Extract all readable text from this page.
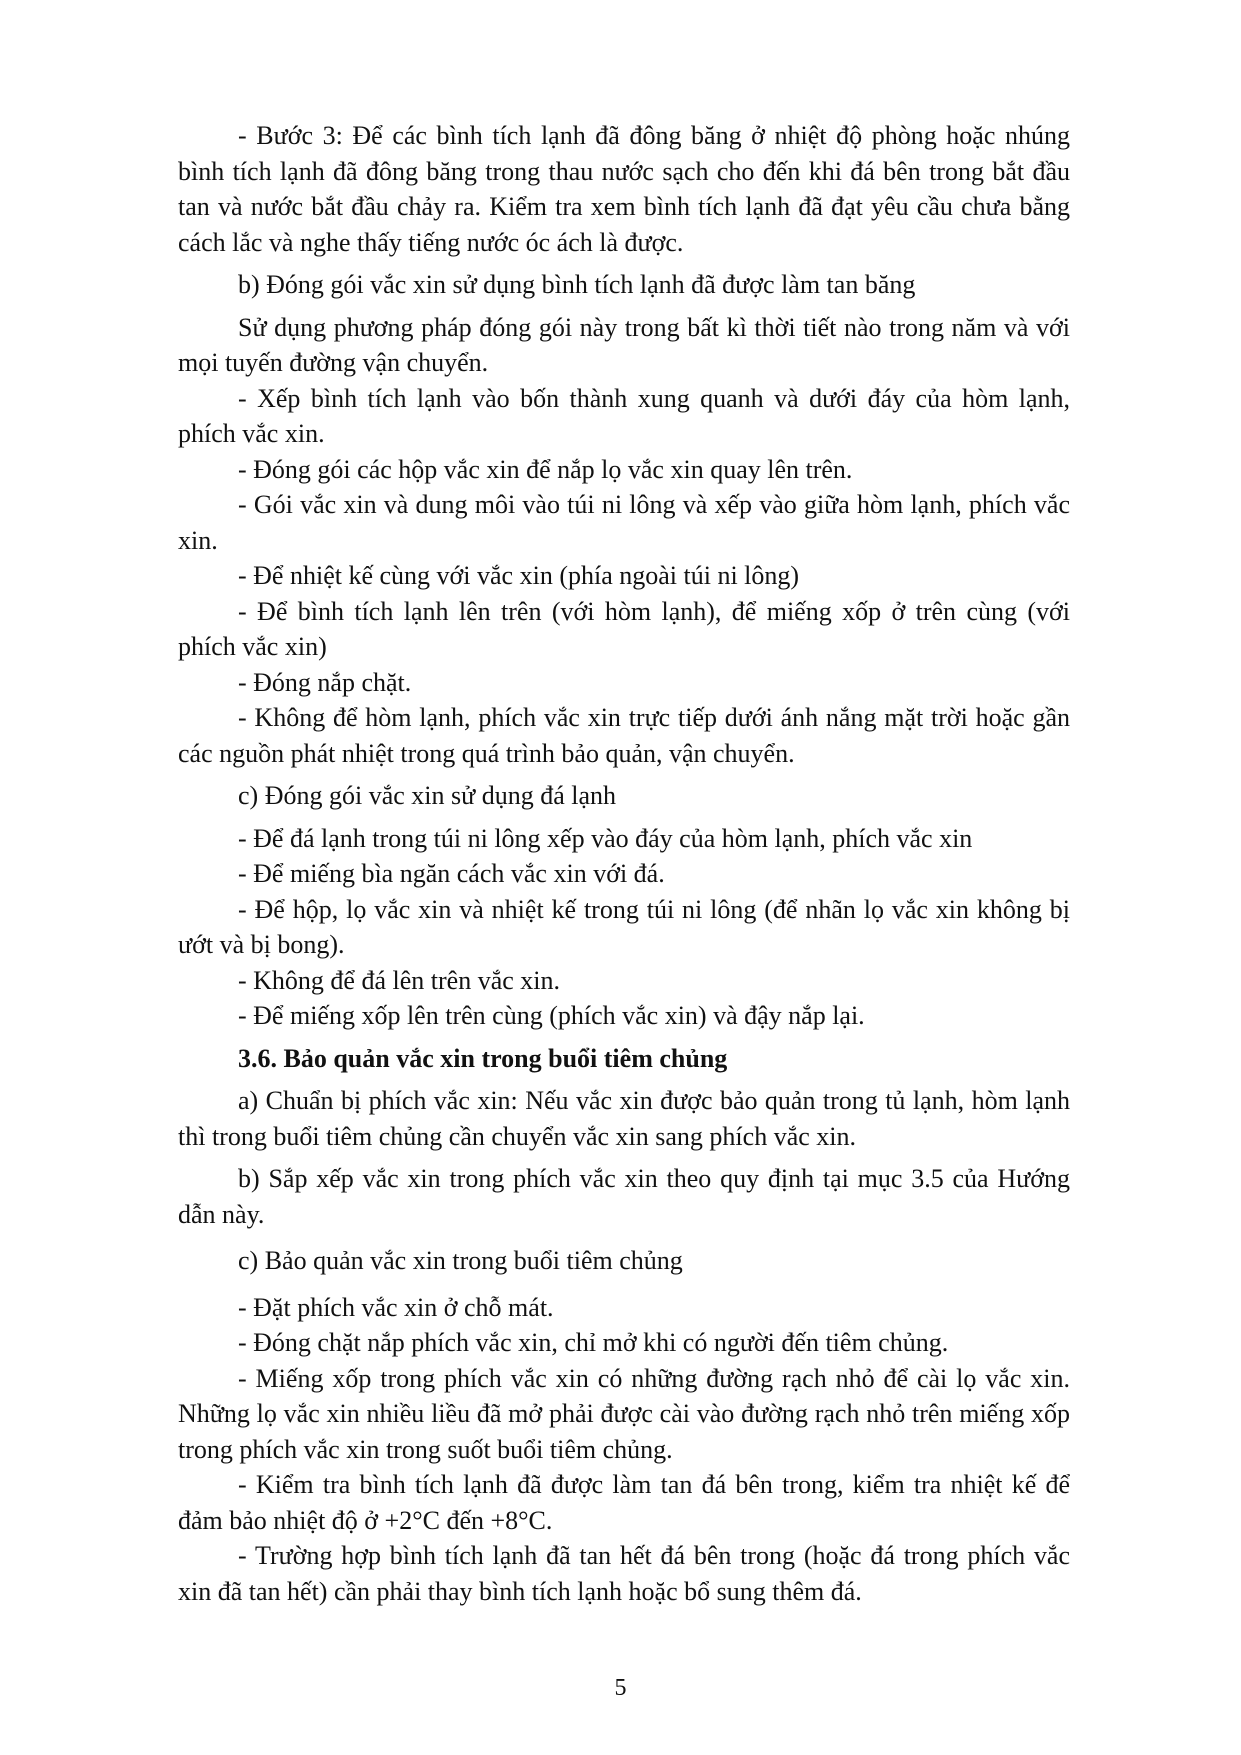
- Bước 3: Để các bình tích lạnh đã đông băng ở nhiệt độ phòng hoặc nhúng bình tích lạnh đã đông băng trong thau nước sạch cho đến khi đá bên trong bắt đầu tan và nước bắt đầu chảy ra. Kiểm tra xem bình tích lạnh đã đạt yêu cầu chưa bằng cách lắc và nghe thấy tiếng nước óc ách là được.

b) Đóng gói vắc xin sử dụng bình tích lạnh đã được làm tan băng

Sử dụng phương pháp đóng gói này trong bất kì thời tiết nào trong năm và với mọi tuyến đường vận chuyển.

- Xếp bình tích lạnh vào bốn thành xung quanh và dưới đáy của hòm lạnh, phích vắc xin.

- Đóng gói các hộp vắc xin để nắp lọ vắc xin quay lên trên.

- Gói vắc xin và dung môi vào túi ni lông và xếp vào giữa hòm lạnh, phích vắc xin.

- Để nhiệt kế cùng với vắc xin (phía ngoài túi ni lông)

- Để bình tích lạnh lên trên (với hòm lạnh), để miếng xốp ở trên cùng (với phích vắc xin)

- Đóng nắp chặt.

- Không để hòm lạnh, phích vắc xin trực tiếp dưới ánh nắng mặt trời hoặc gần các nguồn phát nhiệt trong quá trình bảo quản, vận chuyển.

c) Đóng gói vắc xin sử dụng đá lạnh

- Để đá lạnh trong túi ni lông xếp vào đáy của hòm lạnh, phích vắc xin

- Để miếng bìa ngăn cách vắc xin với đá.

- Để hộp, lọ vắc xin và nhiệt kế trong túi ni lông (để nhãn lọ vắc xin không bị ướt và bị bong).

- Không để đá lên trên vắc xin.

- Để miếng xốp lên trên cùng (phích vắc xin) và đậy nắp lại.

3.6. Bảo quản vắc xin trong buổi tiêm chủng

a) Chuẩn bị phích vắc xin: Nếu vắc xin được bảo quản trong tủ lạnh, hòm lạnh thì trong buổi tiêm chủng cần chuyển vắc xin sang phích vắc xin.

b) Sắp xếp vắc xin trong phích vắc xin theo quy định tại mục 3.5 của Hướng dẫn này.

c) Bảo quản vắc xin trong buổi tiêm chủng

- Đặt phích vắc xin ở chỗ mát.

- Đóng chặt nắp phích vắc xin, chỉ mở khi có người đến tiêm chủng.

- Miếng xốp trong phích vắc xin có những đường rạch nhỏ để cài lọ vắc xin. Những lọ vắc xin nhiều liều đã mở phải được cài vào đường rạch nhỏ trên miếng xốp trong phích vắc xin trong suốt buổi tiêm chủng.

- Kiểm tra bình tích lạnh đã được làm tan đá bên trong, kiểm tra nhiệt kế để đảm bảo nhiệt độ ở +2°C đến +8°C.

- Trường hợp bình tích lạnh đã tan hết đá bên trong (hoặc đá trong phích vắc xin đã tan hết) cần phải thay bình tích lạnh hoặc bổ sung thêm đá.

5
